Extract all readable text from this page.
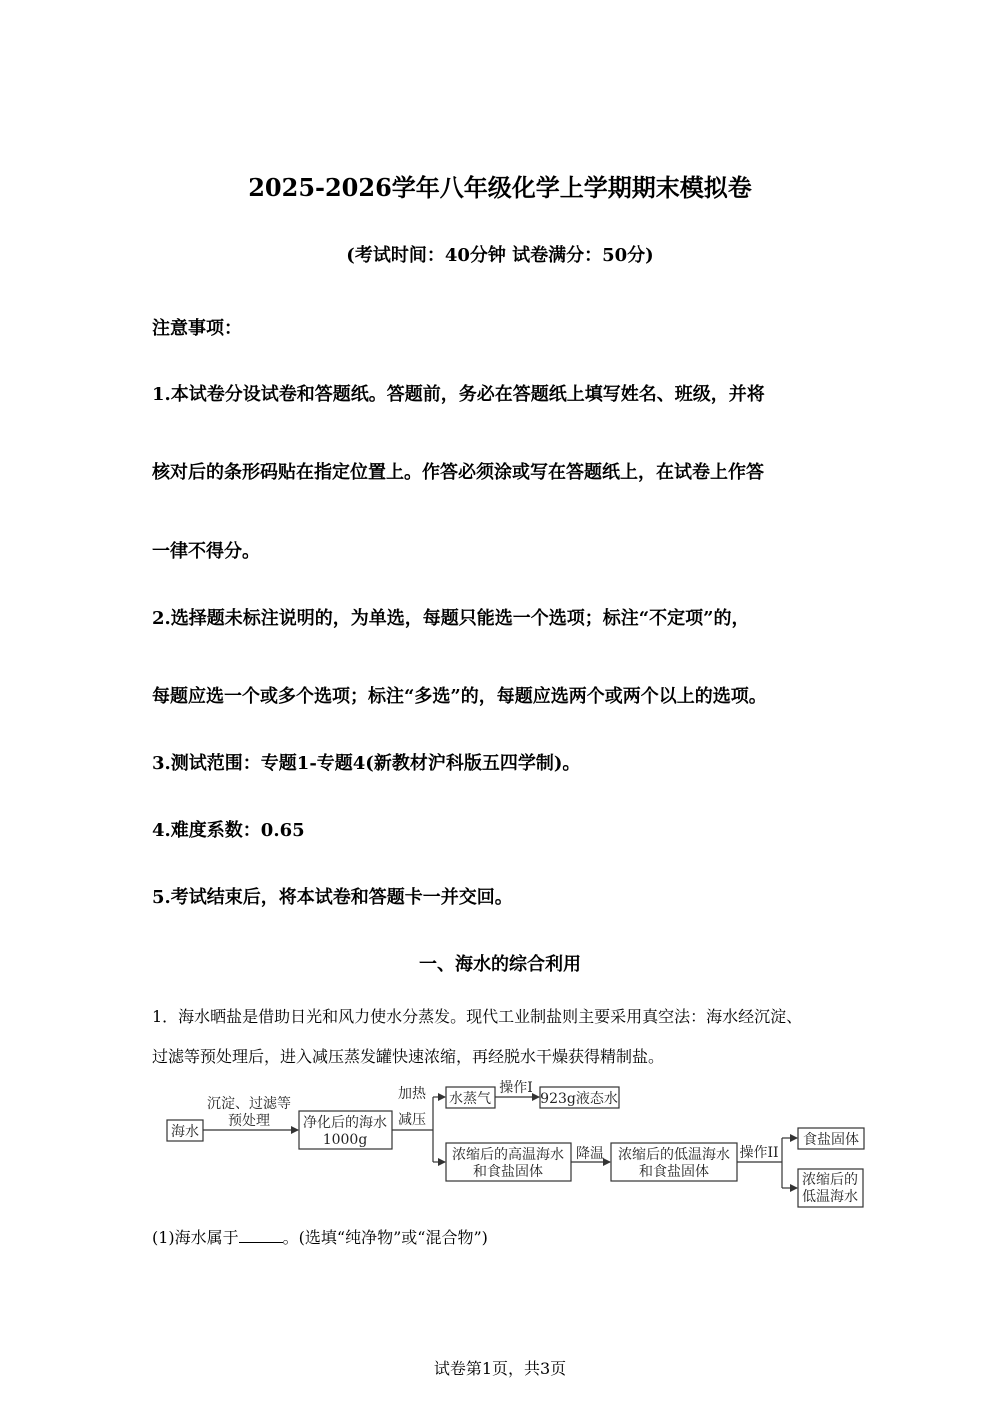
2025-2026学年八年级化学上学期期末模拟卷
(考试时间：40分钟 试卷满分：50分)
注意事项：
1.本试卷分设试卷和答题纸。答题前，务必在答题纸上填写姓名、班级，并将
核对后的条形码贴在指定位置上。作答必须涂或写在答题纸上，在试卷上作答
一律不得分。
2.选择题未标注说明的，为单选，每题只能选一个选项；标注“不定项”的，
每题应选一个或多个选项；标注“多选”的，每题应选两个或两个以上的选项。
3.测试范围：专题1-专题4(新教材沪科版五四学制)。
4.难度系数：0.65
5.考试结束后，将本试卷和答题卡一并交回。
一、海水的综合利用
1．海水晒盐是借助日光和风力使水分蒸发。现代工业制盐则主要采用真空法：海水经沉淀、
过滤等预处理后，进入减压蒸发罐快速浓缩，再经脱水干燥获得精制盐。
海水
沉淀、过滤等
预处理 净化后的海水
1000g
加热
减压
水蒸气
操作I
923g液态水
浓缩后的高温海水
和食盐固体
降温 浓缩后的低温海水
和食盐固体
操作II
食盐固体
浓缩后的
低温海水
(1)海水属于	。(选填“纯净物”或“混合物”)
试卷第1页，共3页
